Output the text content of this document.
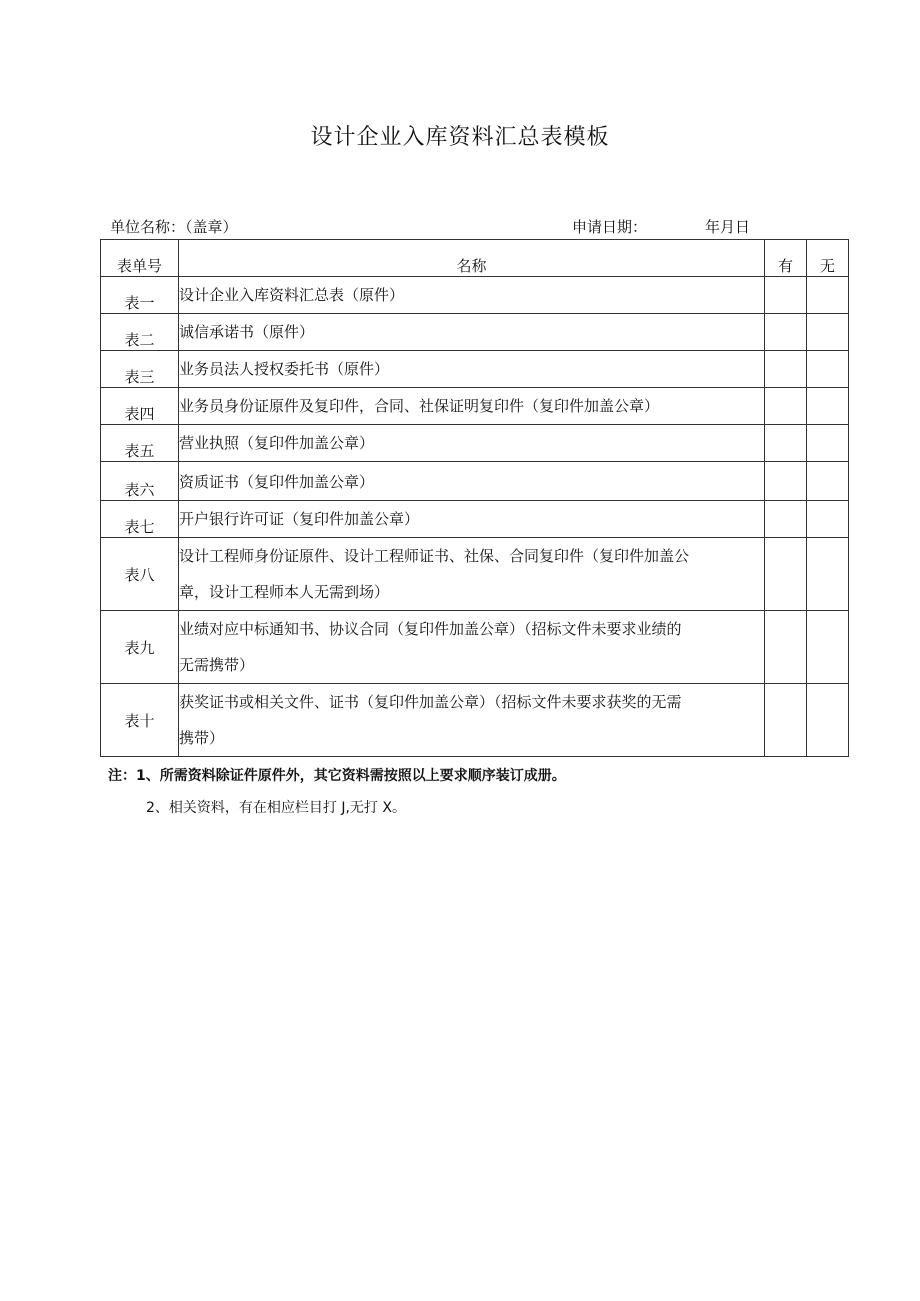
设计企业入库资料汇总表模板
单位名称：（盖章）	申请日期：	年月日
表单号	名称	有	无
表一	设计企业入库资料汇总表（原件）		
表二	诚信承诺书（原件）		
表三	业务员法人授权委托书（原件）		
表四	业务员身份证原件及复印件，合同、社保证明复印件（复印件加盖公章）		
表五	营业执照（复印件加盖公章）		
表六	资质证书（复印件加盖公章）		
表七	开户银行许可证（复印件加盖公章）		
表八	设计工程师身份证原件、设计工程师证书、社保、合同复印件（复印件加盖公
章，设计工程师本人无需到场）		

表九	业绩对应中标通知书、协议合同（复印件加盖公章）（招标文件未要求业绩的
无需携带）		

表十	获奖证书或相关文件、证书（复印件加盖公章）（招标文件未要求获奖的无需
携带）		

注：1、所需资料除证件原件外，其它资料需按照以上要求顺序装订成册。
2、相关资料，有在相应栏目打 J,无打 X。
